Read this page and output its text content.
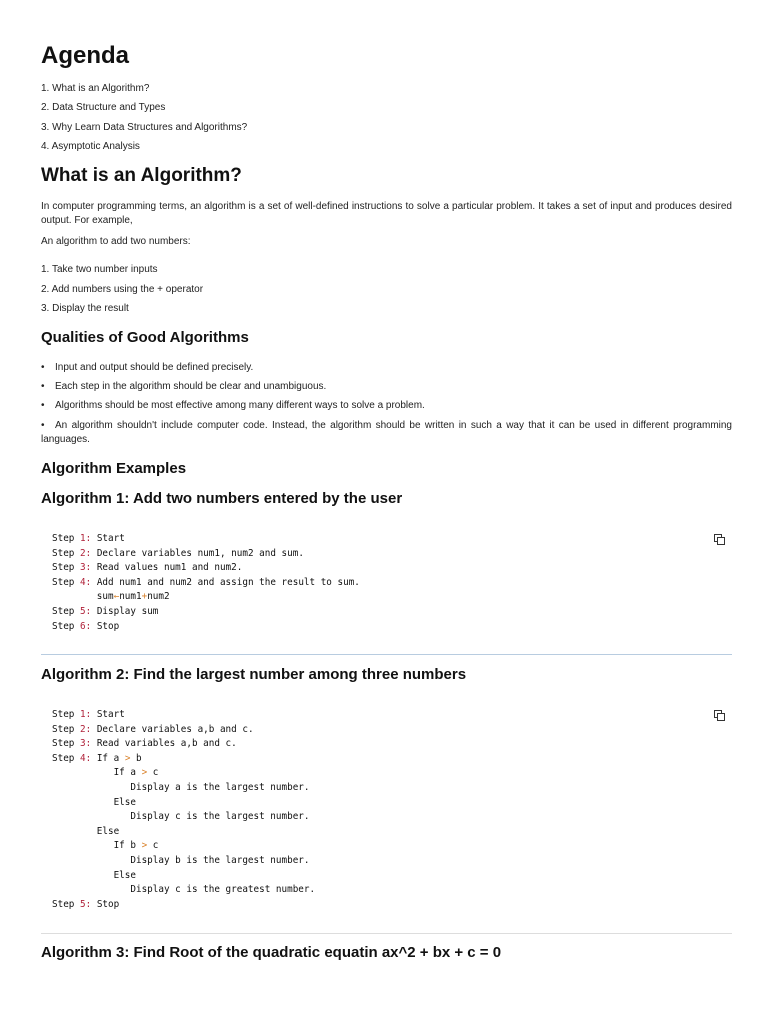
Agenda
1. What is an Algorithm?
2. Data Structure and Types
3. Why Learn Data Structures and Algorithms?
4. Asymptotic Analysis
What is an Algorithm?
In computer programming terms, an algorithm is a set of well-defined instructions to solve a particular problem. It takes a set of input and produces desired output. For example,
An algorithm to add two numbers:
1. Take two number inputs
2. Add numbers using the + operator
3. Display the result
Qualities of Good Algorithms
• Input and output should be defined precisely.
• Each step in the algorithm should be clear and unambiguous.
• Algorithms should be most effective among many different ways to solve a problem.
• An algorithm shouldn't include computer code. Instead, the algorithm should be written in such a way that it can be used in different programming languages.
Algorithm Examples
Algorithm 1: Add two numbers entered by the user
Step 1: Start
Step 2: Declare variables num1, num2 and sum.
Step 3: Read values num1 and num2.
Step 4: Add num1 and num2 and assign the result to sum.
sum←num1+num2
Step 5: Display sum
Step 6: Stop
Algorithm 2: Find the largest number among three numbers
Step 1: Start
Step 2: Declare variables a,b and c.
Step 3: Read variables a,b and c.
Step 4: If a > b
If a > c
Display a is the largest number.
Else
Display c is the largest number.
Else
If b > c
Display b is the largest number.
Else
Display c is the greatest number.
Step 5: Stop
Algorithm 3: Find Root of the quadratic equatin ax^2 + bx + c = 0
